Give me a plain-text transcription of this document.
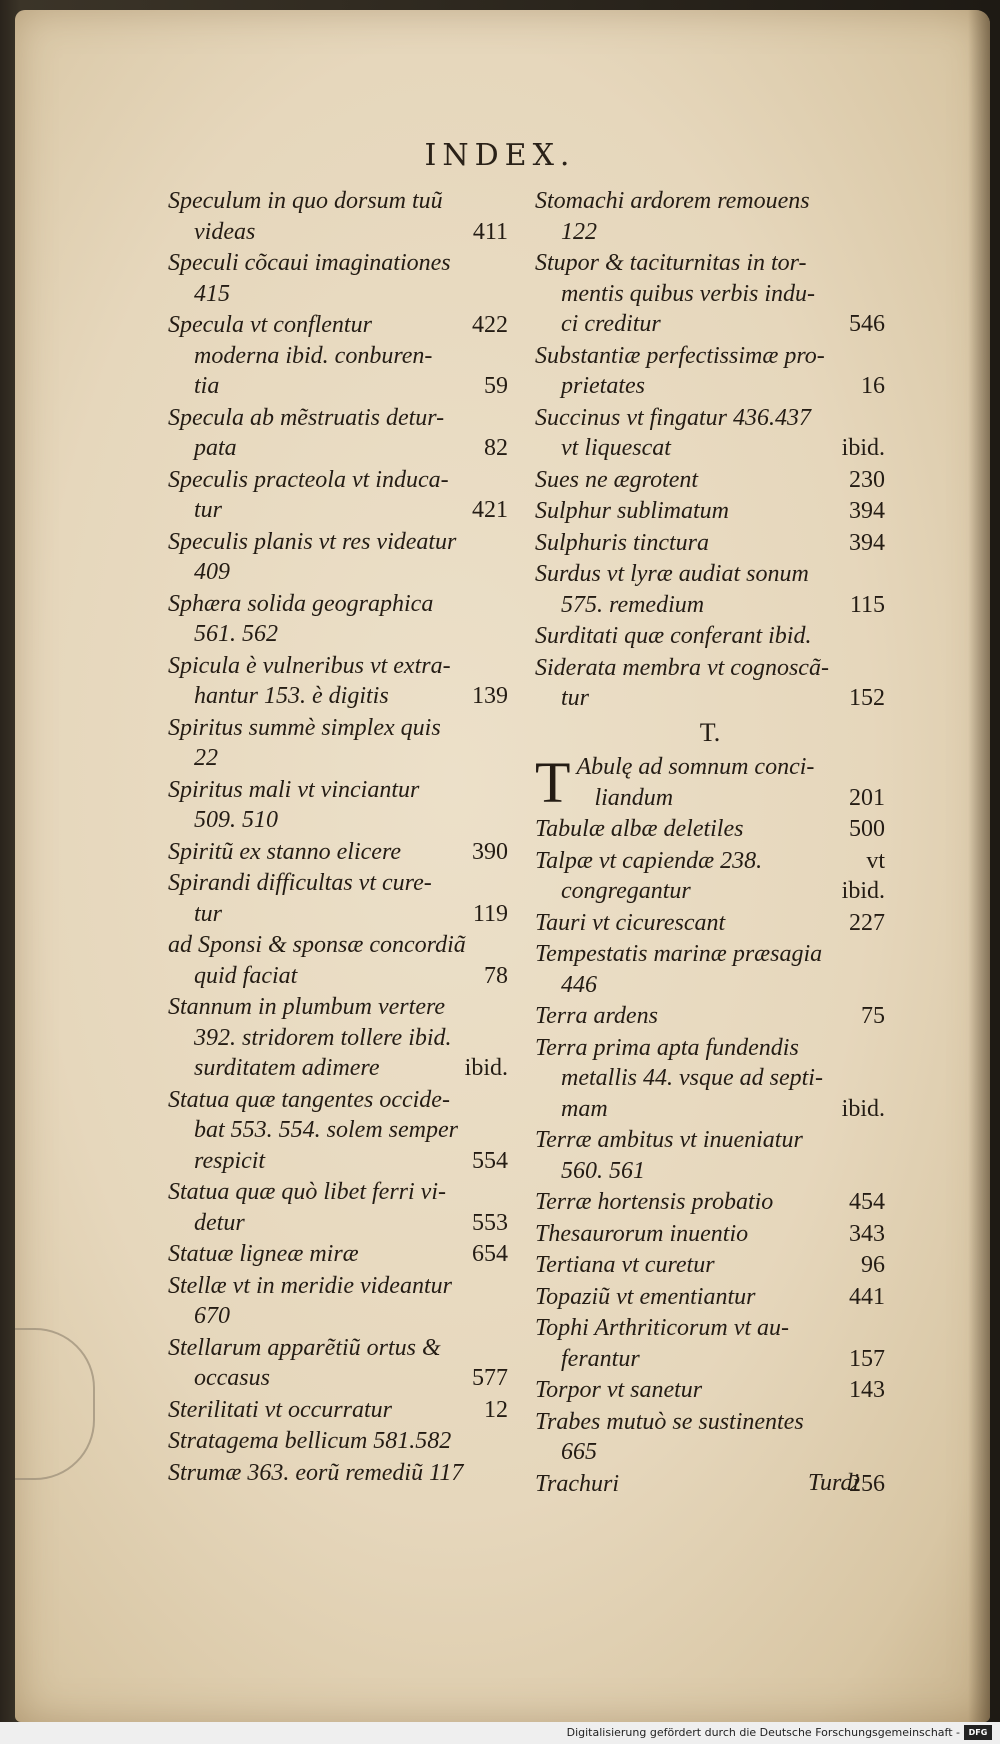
INDEX.
Speculum in quo dorsum tuũ
videas	411
Speculi cõcaui imaginationes
415
Specula vt conflentur	422
moderna ibid. conburen-
tia	59
Specula ab mẽstruatis detur-
pata	82
Speculis practeola vt induca-
tur	421
Speculis planis vt res videatur
409
Sphæra solida geographica
561. 562
Spicula è vulneribus vt extra-
hantur 153. è digitis	139
Spiritus summè simplex quis
22
Spiritus mali vt vinciantur
509. 510
Spiritũ ex stanno elicere	390
Spirandi difficultas vt cure-
tur	119
ad Sponsi & sponsæ concordiã
quid faciat	78
Stannum in plumbum vertere
392. stridorem tollere ibid.
surditatem adimere	ibid.
Statua quæ tangentes occide-
bat 553. 554. solem semper
respicit	554
Statua quæ quò libet ferri vi-
detur	553
Statuæ ligneæ miræ	654
Stellæ vt in meridie videantur
670
Stellarum apparẽtiũ ortus &
occasus	577
Sterilitati vt occurratur	12
Stratagema bellicum 581.582
Strumæ 363. eorũ remediũ 117
Stomachi ardorem remouens
122
Stupor & taciturnitas in tor-
mentis quibus verbis indu-
ci creditur	546
Substantiæ perfectissimæ pro-
prietates	16
Succinus vt fingatur 436.437
vt liquescat	ibid.
Sues ne ægrotent	230
Sulphur sublimatum	394
Sulphuris tinctura	394
Surdus vt lyræ audiat sonum
575. remedium	115
Surditati quæ conferant ibid.
Siderata membra vt cognoscã-
tur	152
T.
T Abulę ad somnum conci-
liandum	201
Tabulæ albæ deletiles	500
Talpæ vt capiendæ 238.	vt
congregantur	ibid.
Tauri vt cicurescant	227
Tempestatis marinæ præsagia
446
Terra ardens	75
Terra prima apta fundendis
metallis 44. vsque ad septi-
mam	ibid.
Terræ ambitus vt inueniatur
560. 561
Terræ hortensis probatio	454
Thesaurorum inuentio	343
Tertiana vt curetur	96
Topaziũ vt ementiantur	441
Tophi Arthriticorum vt au-
ferantur	157
Torpor vt sanetur	143
Trabes mutuò se sustinentes
665
Trachuri	256
Turdi
Digitalisierung gefördert durch die Deutsche Forschungsgemeinschaft -	DFG
